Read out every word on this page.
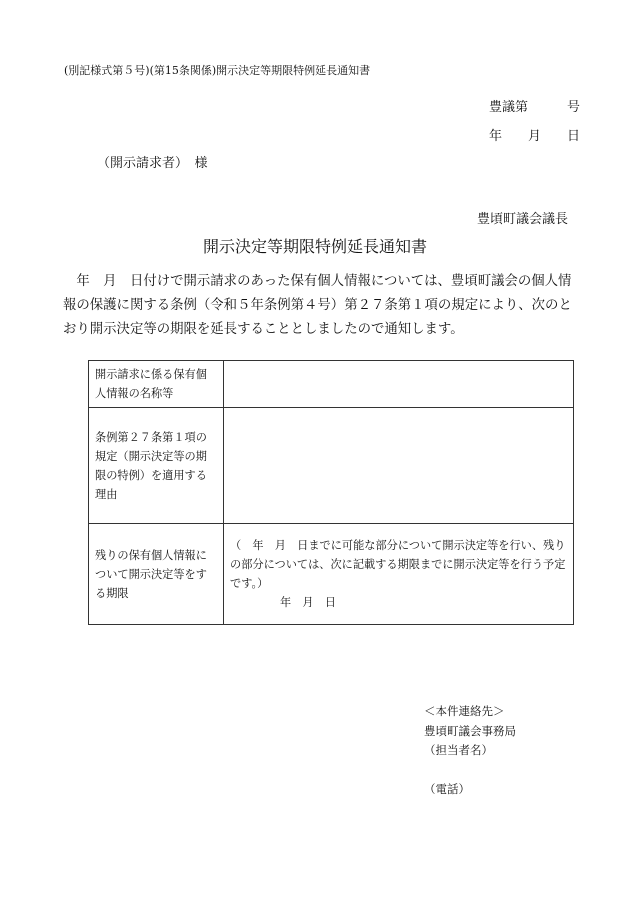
(別記様式第５号)(第15条関係)開示決定等期限特例延長通知書
豊議第　　　号
年　　月　　日
（開示請求者）　様
豊頃町議会議長
開示決定等期限特例延長通知書
　年　月　日付けで開示請求のあった保有個人情報については、豊頃町議会の個人情報の保護に関する条例（令和５年条例第４号）第２７条第１項の規定により、次のとおり開示決定等の期限を延長することとしましたので通知します。
開示請求に係る保有個人情報の名称等	
条例第２７条第１項の規定（開示決定等の期限の特例）を適用する理由	
残りの保有個人情報について開示決定等をする期限	（　年　月　日までに可能な部分について開示決定等を行い、残りの部分については、次に記載する期限までに開示決定等を行う予定です。）
年　月　日
＜本件連絡先＞
豊頃町議会事務局
（担当者名）
（電話）
